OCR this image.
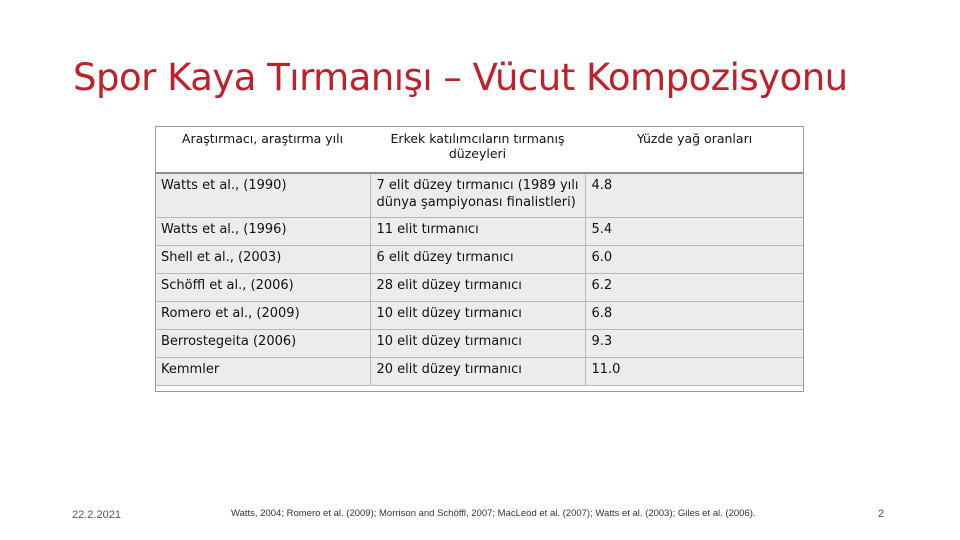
Spor Kaya Tırmanışı – Vücut Kompozisyonu
Araştırmacı, araştırma yılı	Erkek katılımcıların tırmanış düzeyleri	Yüzde yağ oranları
Watts et al., (1990)	7 elit düzey tırmanıcı (1989 yılı dünya şampiyonası finalistleri)	4.8
Watts et al., (1996)	11 elit tırmanıcı	5.4
Shell et al., (2003)	6 elit düzey tırmanıcı	6.0
Schöffl et al., (2006)	28 elit düzey tırmanıcı	6.2
Romero et al., (2009)	10 elit düzey tırmanıcı	6.8
Berrostegeita (2006)	10 elit düzey tırmanıcı	9.3
Kemmler	20 elit düzey tırmanıcı	11.0
22.2.2021	Watts, 2004; Romero et al. (2009); Morrison and Schöffl, 2007; MacLeod et al. (2007); Watts et al. (2003); Giles et al. (2006).	2
